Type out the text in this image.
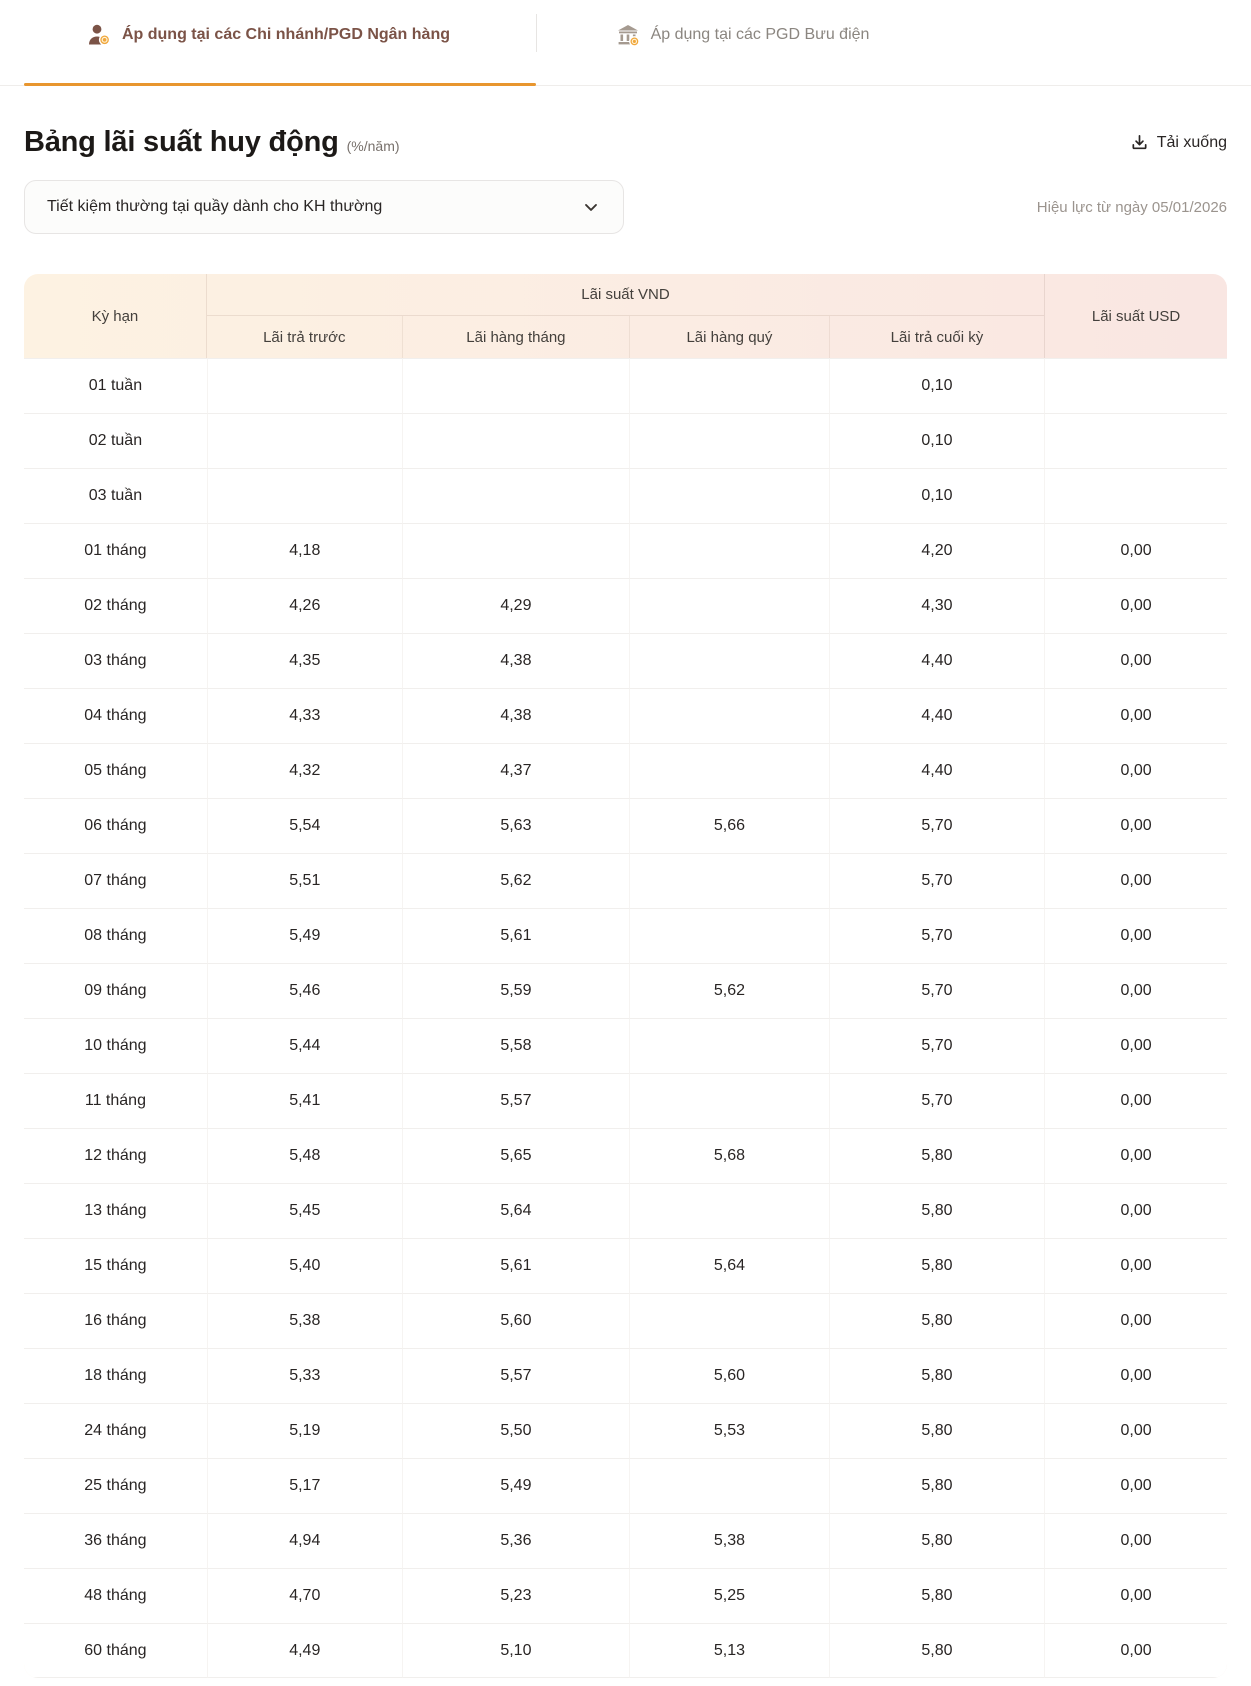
Áp dụng tại các Chi nhánh/PGD Ngân hàng	Áp dụng tại các PGD Bưu điện
Bảng lãi suất huy động (%/năm)	Tải xuống
Tiết kiệm thường tại quầy dành cho KH thường	Hiệu lực từ ngày 05/01/2026
Kỳ hạn	Lãi suất VND				Lãi suất USD
	Lãi trả trước	Lãi hàng tháng	Lãi hàng quý	Lãi trả cuối kỳ	
01 tuần				0,10	
02 tuần				0,10	
03 tuần				0,10	
01 tháng	4,18			4,20	0,00
02 tháng	4,26	4,29		4,30	0,00
03 tháng	4,35	4,38		4,40	0,00
04 tháng	4,33	4,38		4,40	0,00
05 tháng	4,32	4,37		4,40	0,00
06 tháng	5,54	5,63	5,66	5,70	0,00
07 tháng	5,51	5,62		5,70	0,00
08 tháng	5,49	5,61		5,70	0,00
09 tháng	5,46	5,59	5,62	5,70	0,00
10 tháng	5,44	5,58		5,70	0,00
11 tháng	5,41	5,57		5,70	0,00
12 tháng	5,48	5,65	5,68	5,80	0,00
13 tháng	5,45	5,64		5,80	0,00
15 tháng	5,40	5,61	5,64	5,80	0,00
16 tháng	5,38	5,60		5,80	0,00
18 tháng	5,33	5,57	5,60	5,80	0,00
24 tháng	5,19	5,50	5,53	5,80	0,00
25 tháng	5,17	5,49		5,80	0,00
36 tháng	4,94	5,36	5,38	5,80	0,00
48 tháng	4,70	5,23	5,25	5,80	0,00
60 tháng	4,49	5,10	5,13	5,80	0,00
